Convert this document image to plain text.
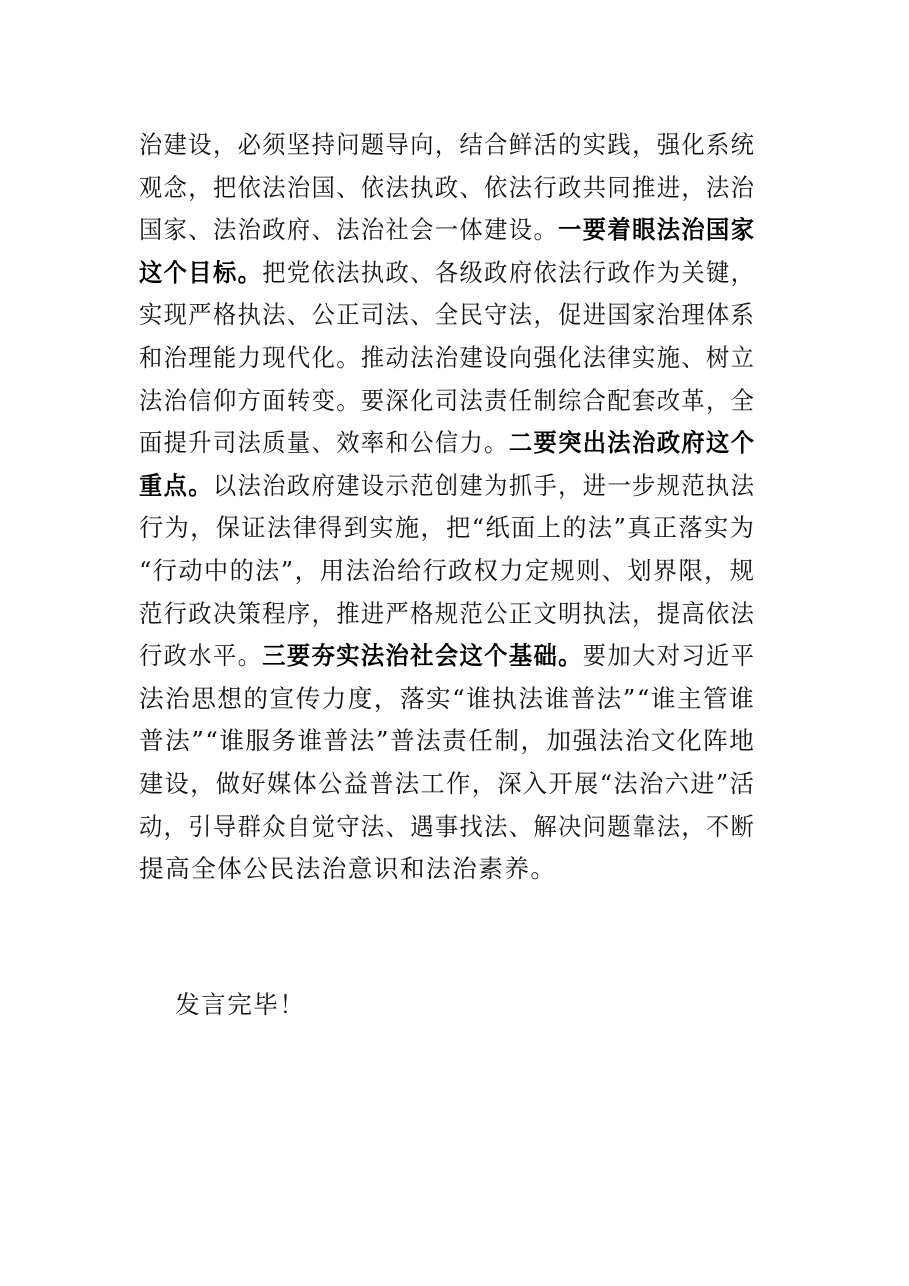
治建设，必须坚持问题导向，结合鲜活的实践，强化系统
观念，把依法治国、依法执政、依法行政共同推进，法治
国家、法治政府、法治社会一体建设。一要着眼法治国家
这个目标。把党依法执政、各级政府依法行政作为关键，
实现严格执法、公正司法、全民守法，促进国家治理体系
和治理能力现代化。推动法治建设向强化法律实施、树立
法治信仰方面转变。要深化司法责任制综合配套改革，全
面提升司法质量、效率和公信力。二要突出法治政府这个
重点。以法治政府建设示范创建为抓手，进一步规范执法
行为，保证法律得到实施，把“纸面上的法”真正落实为
“行动中的法”，用法治给行政权力定规则、划界限，规
范行政决策程序，推进严格规范公正文明执法，提高依法
行政水平。三要夯实法治社会这个基础。要加大对习近平
法治思想的宣传力度，落实“谁执法谁普法”“谁主管谁
普法”“谁服务谁普法”普法责任制，加强法治文化阵地
建设，做好媒体公益普法工作，深入开展“法治六进”活
动，引导群众自觉守法、遇事找法、解决问题靠法，不断
提高全体公民法治意识和法治素养。

发言完毕！
